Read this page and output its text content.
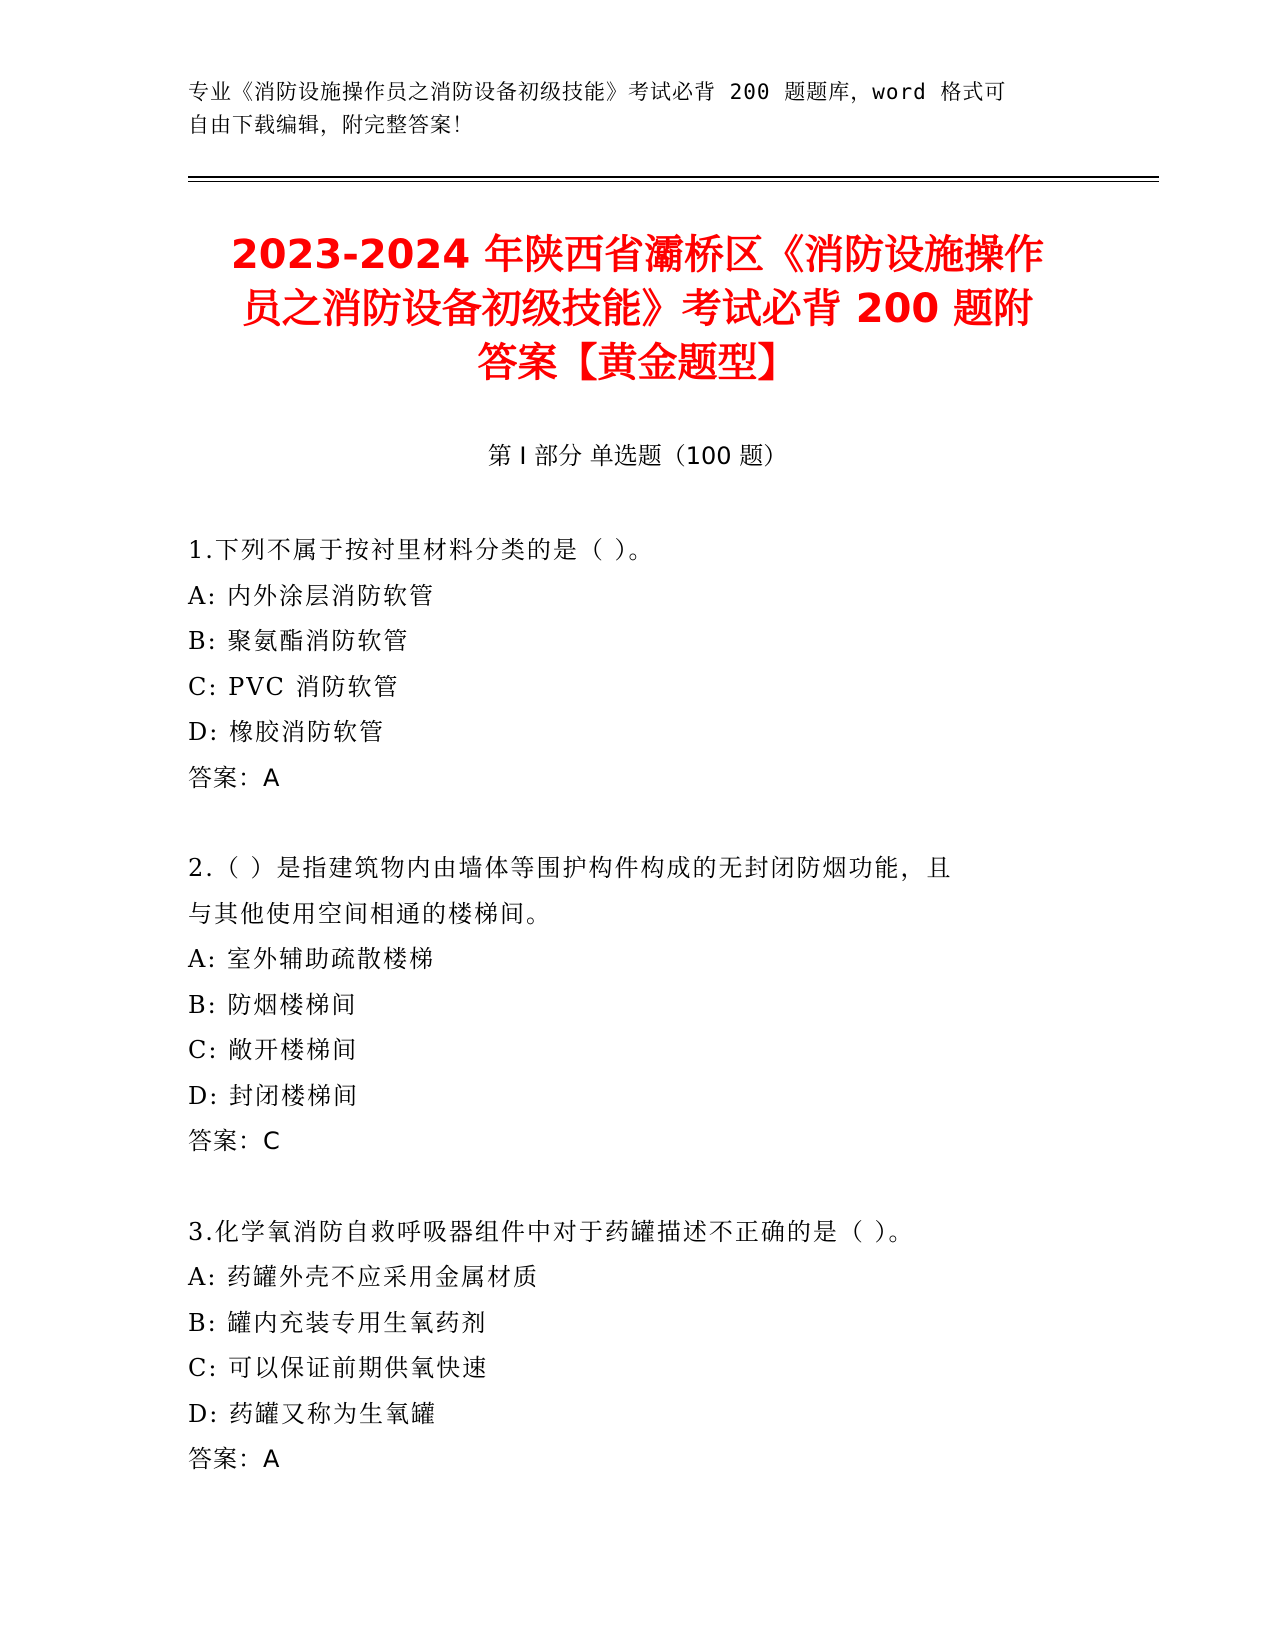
专业《消防设施操作员之消防设备初级技能》考试必背 200 题题库，word 格式可
自由下载编辑，附完整答案！
2023-2024 年陕西省灞桥区《消防设施操作
员之消防设备初级技能》考试必背 200 题附
答案【黄金题型】
第 I 部分 单选题（100 题）
1.下列不属于按衬里材料分类的是（ ）。
A: 内外涂层消防软管
B: 聚氨酯消防软管
C: PVC 消防软管
D: 橡胶消防软管
答案：A
2.（ ）是指建筑物内由墙体等围护构件构成的无封闭防烟功能，且
与其他使用空间相通的楼梯间。
A: 室外辅助疏散楼梯
B: 防烟楼梯间
C: 敞开楼梯间
D: 封闭楼梯间
答案：C
3.化学氧消防自救呼吸器组件中对于药罐描述不正确的是（ ）。
A: 药罐外壳不应采用金属材质
B: 罐内充装专用生氧药剂
C: 可以保证前期供氧快速
D: 药罐又称为生氧罐
答案：A
